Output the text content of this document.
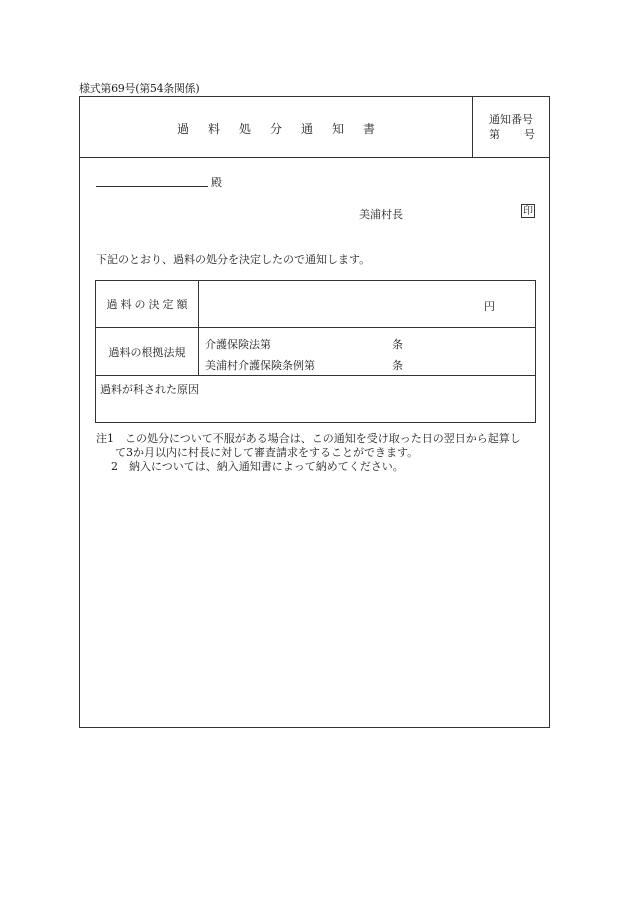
様式第69号(第54条関係)
過料処分通知書
通知番号
第 号
殿
美浦村長	印
下記のとおり、過料の処分を決定したので通知します。
過料の決定額	円
過料の根拠法規
介護保険法第	条
美浦村介護保険条例第	条
過料が科された原因
注1　この処分について不服がある場合は、この通知を受け取った日の翌日から起算し
て3か月以内に村長に対して審査請求をすることができます。
2　納入については、納入通知書によって納めてください。
